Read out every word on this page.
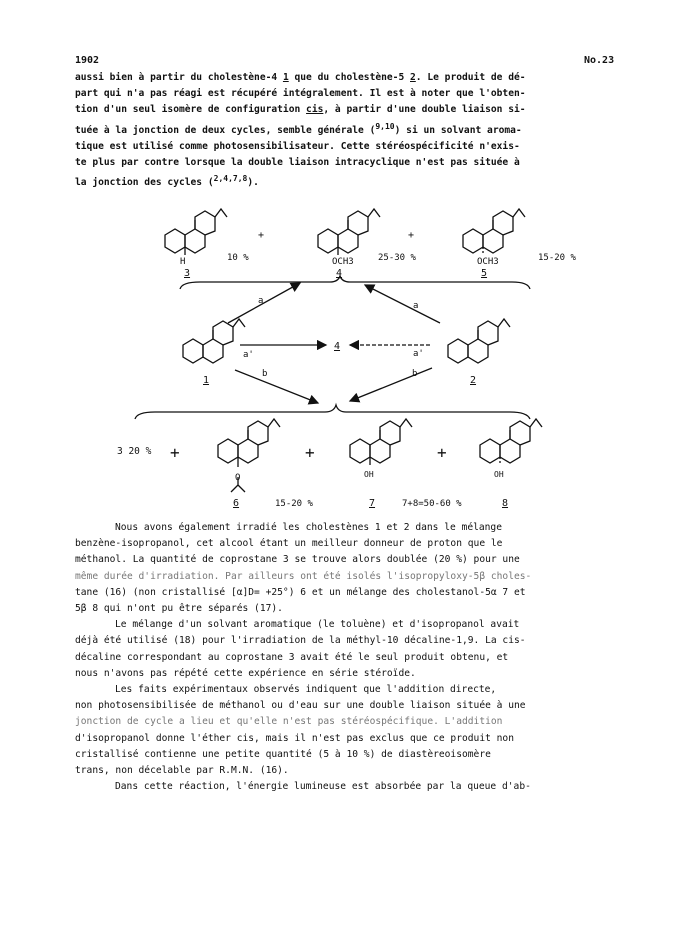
1902	No.23

aussi bien à partir du cholestène-4 1 que du cholestène-5 2. Le produit de dé-

part qui n'a pas réagi est récupéré intégralement. Il est à noter que l'obten-

tion d'un seul isomère de configuration cis, à partir d'une double liaison si-

tuée à la jonction de deux cycles, semble générale ($^{9,10}$) si un solvant aroma-

tique est utilisé comme photosensibilisateur. Cette stéréospécificité n'exis-

te plus par contre lorsque la double liaison intracyclique n'est pas située à

la jonction des cycles ($^{2,4,7,8}$).

H
3
10 %
+
OCH3
4
25-30 %
+
OCH3
5
15-20 %
1	2
a	a
a'	a'
4
b	b
3 20 % +
O
6	15-20 %
+
OH
7	7+8=50-60 %
+
OH
8

Nous avons également irradié les cholestènes 1 et 2 dans le mélange

benzène-isopropanol, cet alcool étant un meilleur donneur de proton que le

méthanol. La quantité de coprostane 3 se trouve alors doublée (20 %) pour une

même durée d'irradiation. Par ailleurs ont été isolés l'isopropyloxy-5β choles-

tane (16) (non cristallisé [α]D= +25°) 6 et un mélange des cholestanol-5α 7 et

5β 8 qui n'ont pu être séparés (17).

Le mélange d'un solvant aromatique (le toluène) et d'isopropanol avait

déjà été utilisé (18) pour l'irradiation de la méthyl-10 décaline-1,9. La cis-

décaline correspondant au coprostane 3 avait été le seul produit obtenu, et

nous n'avons pas répété cette expérience en série stéroïde.

Les faits expérimentaux observés indiquent que l'addition directe,

non photosensibilisée de méthanol ou d'eau sur une double liaison située à une

jonction de cycle a lieu et qu'elle n'est pas stéréospécifique. L'addition

d'isopropanol donne l'éther cis, mais il n'est pas exclus que ce produit non

cristallisé contienne une petite quantité (5 à 10 %) de diastèreoisomère

trans, non décelable par R.M.N. (16).

Dans cette réaction, l'énergie lumineuse est absorbée par la queue d'ab-
